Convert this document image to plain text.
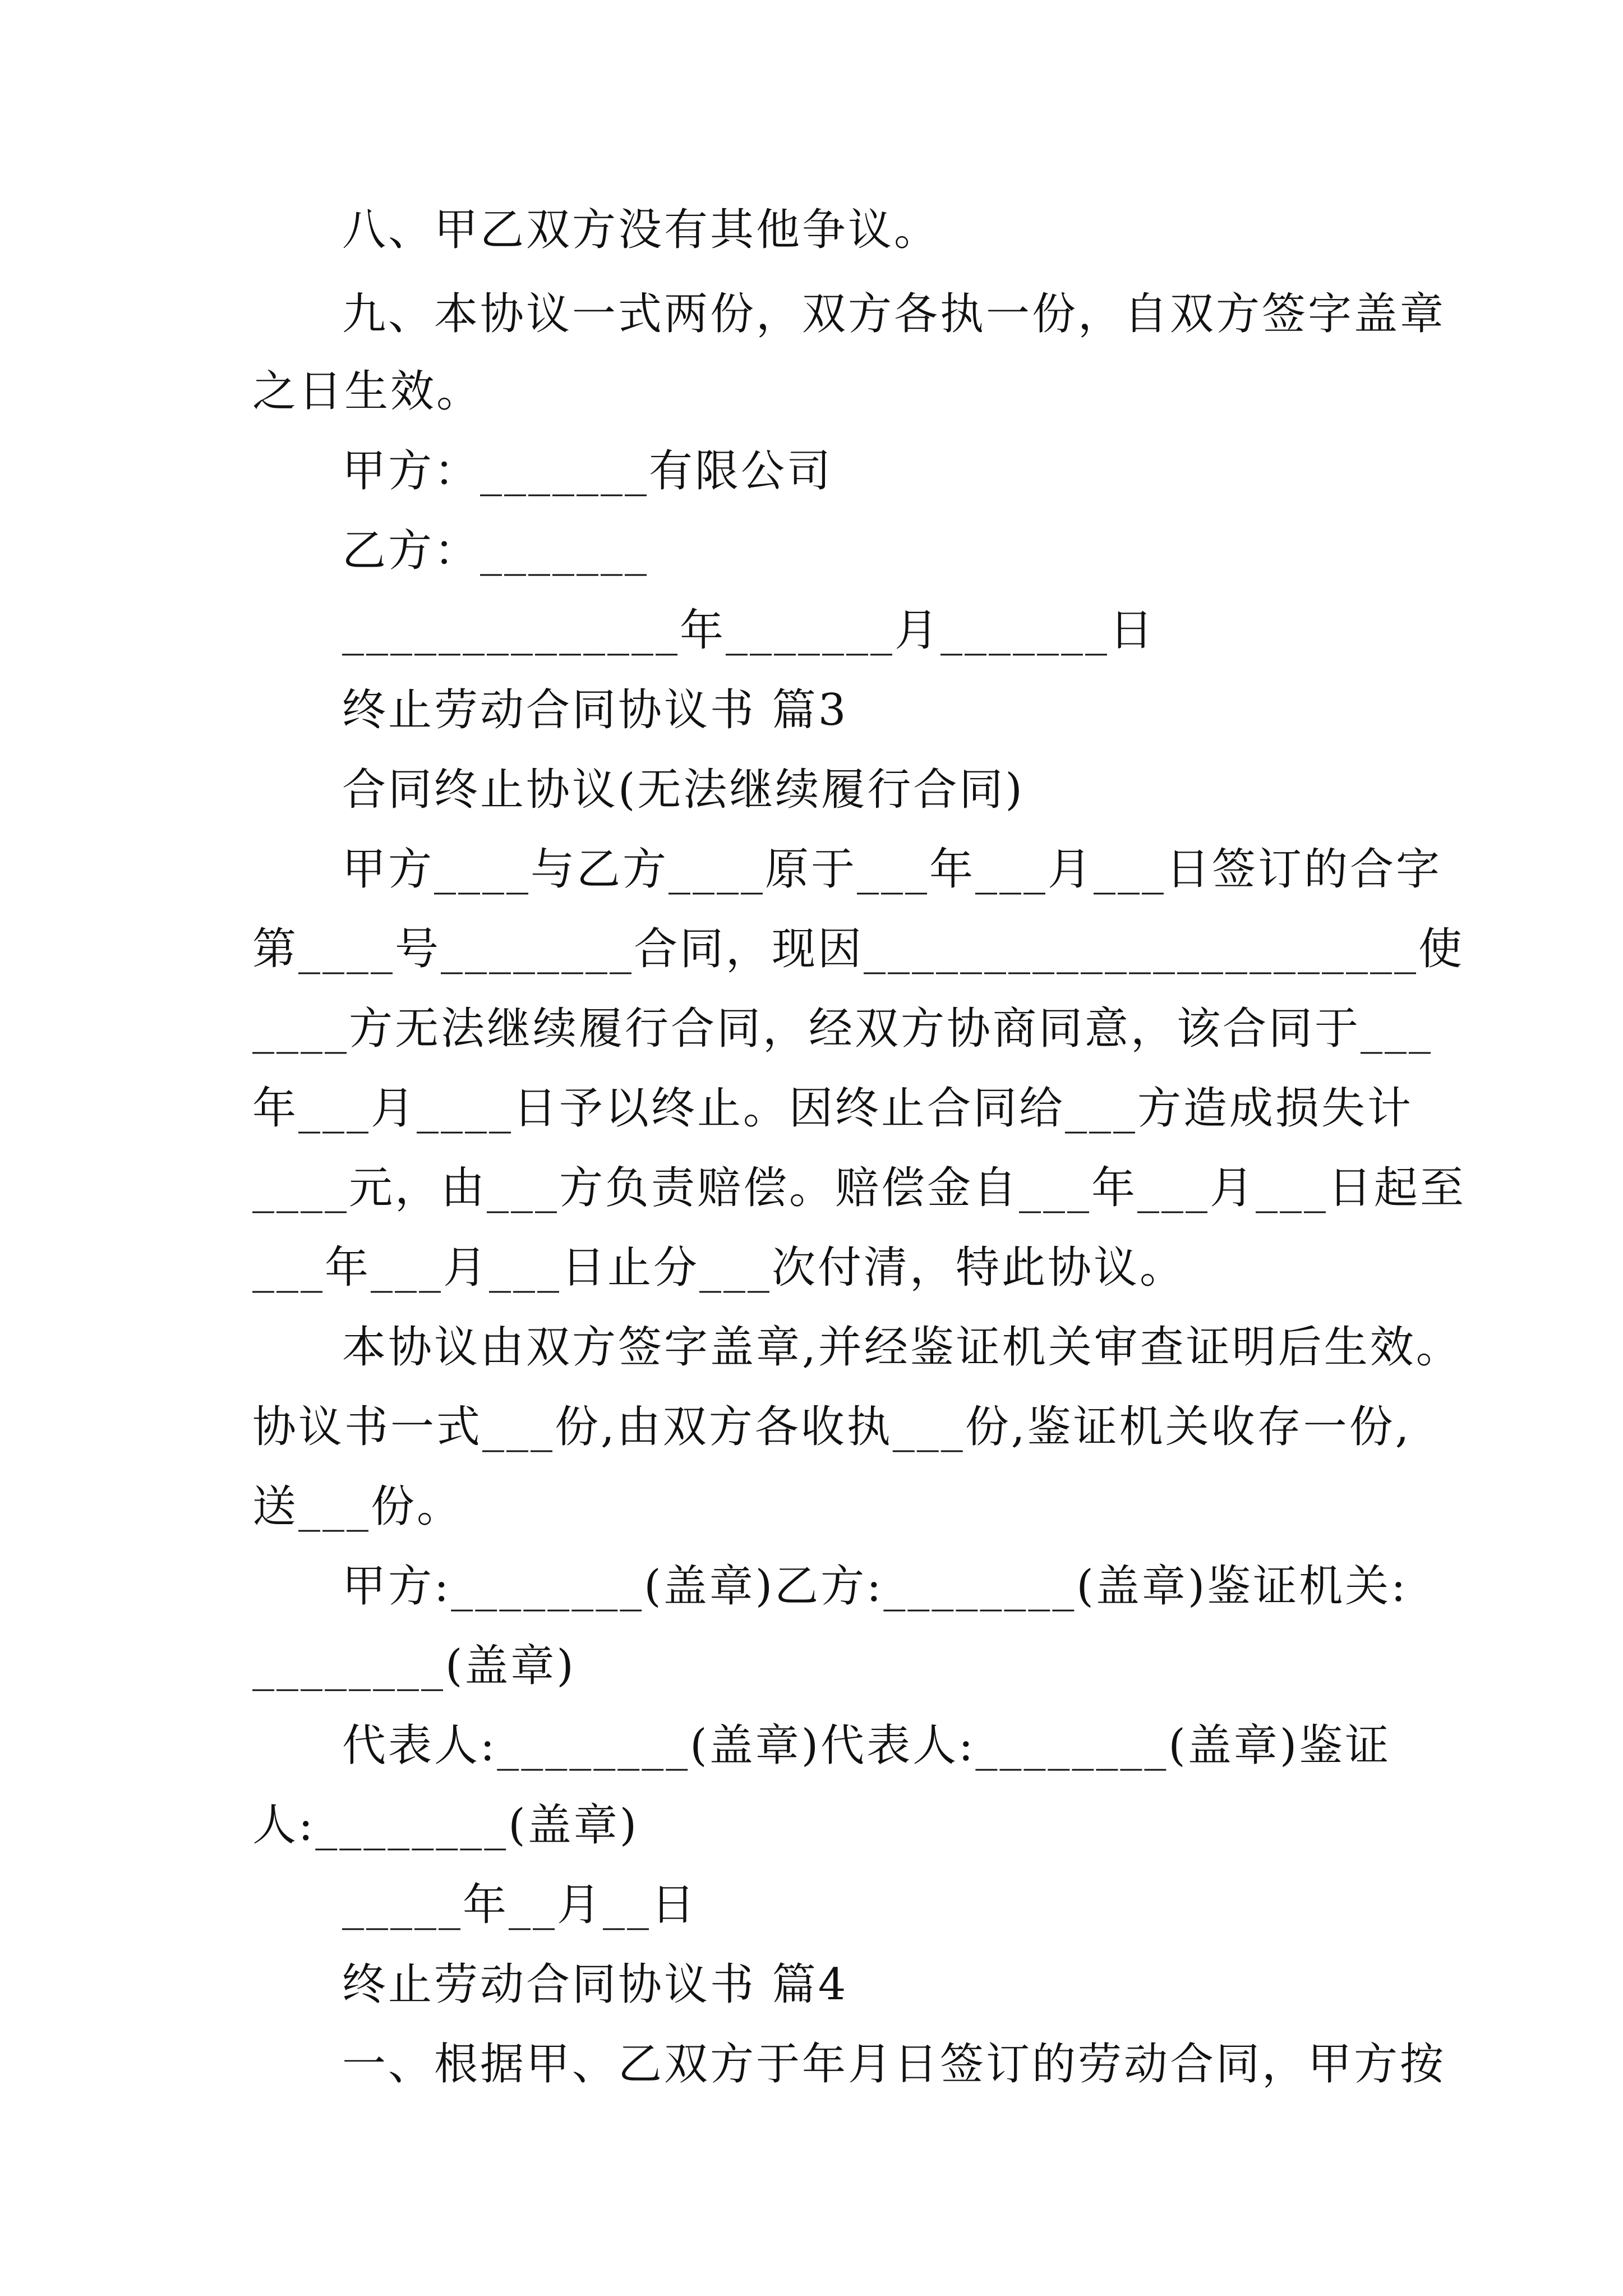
八、甲乙双方没有其他争议。
九、本协议一式两份，双方各执一份，自双方签字盖章
之日生效。
甲方：_______有限公司
乙方：_______
______________年_______月_______日
终止劳动合同协议书 篇3
合同终止协议(无法继续履行合同)
甲方____与乙方____原于___年___月___日签订的合字
第____号________合同，现因_______________________使
____方无法继续履行合同，经双方协商同意，该合同于___
年___月____日予以终止。因终止合同给___方造成损失计
____元，由___方负责赔偿。赔偿金自___年___月___日起至
___年___月___日止分___次付清，特此协议。
本协议由双方签字盖章,并经鉴证机关审查证明后生效。
协议书一式___份,由双方各收执___份,鉴证机关收存一份,
送___份。
甲方:________(盖章)乙方:________(盖章)鉴证机关:
________(盖章)
代表人:________(盖章)代表人:________(盖章)鉴证
人:________(盖章)
_____年__月__日
终止劳动合同协议书 篇4
一、根据甲、乙双方于年月日签订的劳动合同，甲方按
